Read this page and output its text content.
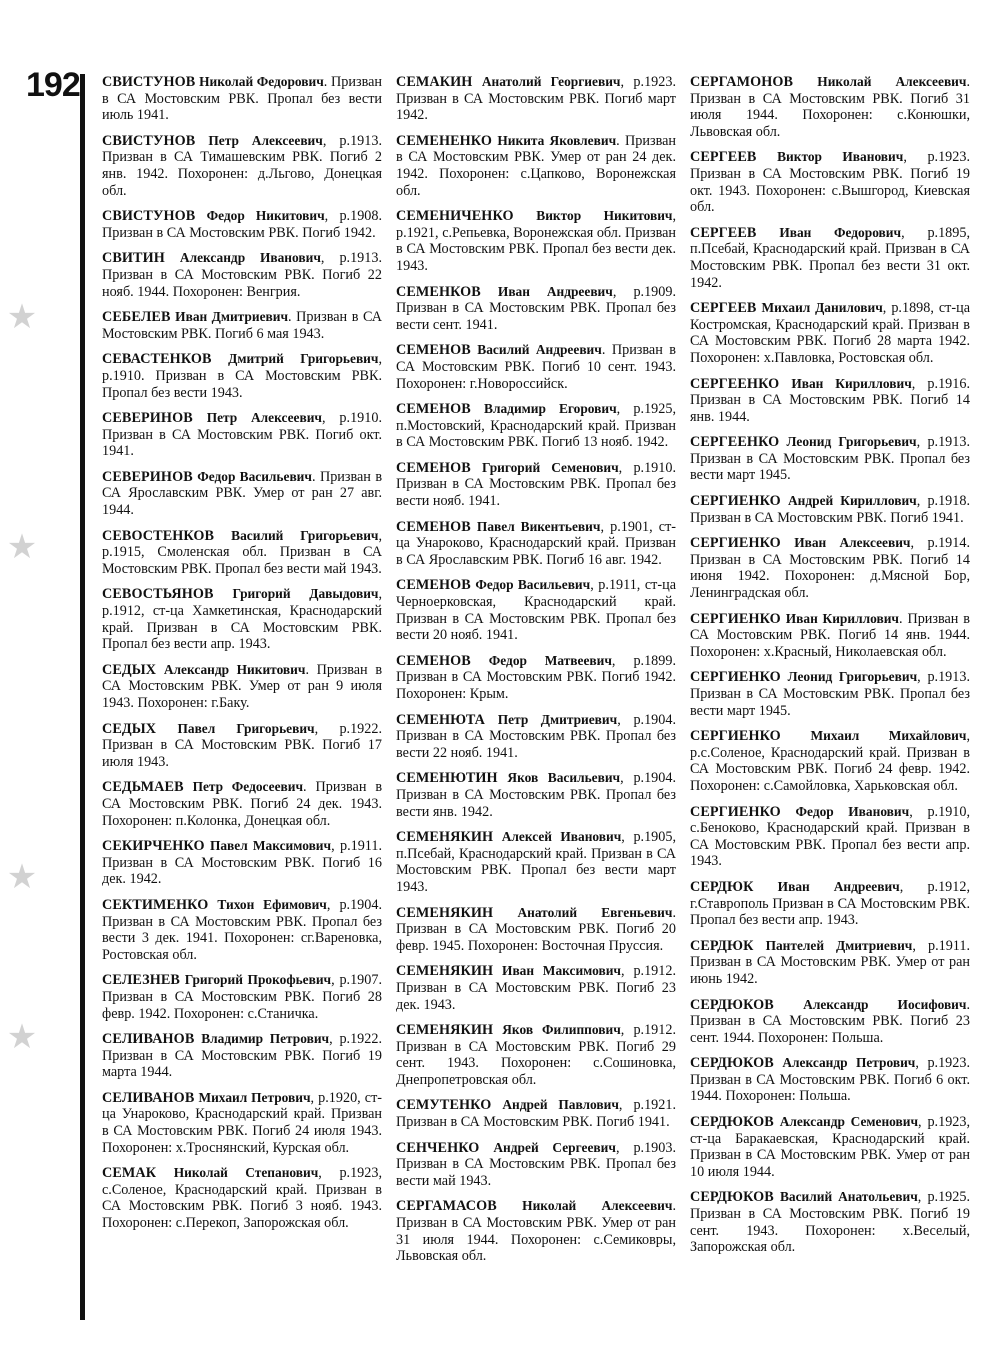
192
★
★
★
★

СВИСТУНОВ Николай Федорович. Призван в СА Мостовским РВК. Пропал без вести июль 1941.

СВИСТУНОВ Петр Алексеевич, р.1913. Призван в СА Тимашевским РВК. Погиб 2 янв. 1942. Похоронен: д.Льгово, Донецкая обл.

СВИСТУНОВ Федор Никитович, р.1908. Призван в СА Мостовским РВК. Погиб 1942.

СВИТИН Александр Иванович, р.1913. Призван в СА Мостовским РВК. Погиб 22 нояб. 1944. Похоронен: Венгрия.

СЕБЕЛЕВ Иван Дмитриевич. Призван в СА Мостовским РВК. Погиб 6 мая 1943.

СЕВАСТЕНКОВ Дмитрий Григорьевич, р.1910. Призван в СА Мостовским РВК. Пропал без вести 1943.

СЕВЕРИНОВ Петр Алексеевич, р.1910. Призван в СА Мостовским РВК. Погиб окт. 1941.

СЕВЕРИНОВ Федор Васильевич. Призван в СА Ярославским РВК. Умер от ран 27 авг. 1944.

СЕВОСТЕНКОВ Василий Григорьевич, р.1915, Смоленская обл. Призван в СА Мостовским РВК. Пропал без вести май 1943.

СЕВОСТЬЯНОВ Григорий Давыдович, р.1912, ст-ца Хамкетинская, Краснодарский край. Призван в СА Мостовским РВК. Пропал без вести апр. 1943.

СЕДЫХ Александр Никитович. Призван в СА Мостовским РВК. Умер от ран 9 июля 1943. Похоронен: г.Баку.

СЕДЫХ Павел Григорьевич, р.1922. Призван в СА Мостовским РВК. Погиб 17 июля 1943.

СЕДЬМАЕВ Петр Федосеевич. Призван в СА Мостовским РВК. Погиб 24 дек. 1943. Похоронен: п.Колонка, Донецкая обл.

СЕКИРЧЕНКО Павел Максимович, р.1911. Призван в СА Мостовским РВК. Погиб 16 дек. 1942.

СЕКТИМЕНКО Тихон Ефимович, р.1904. Призван в СА Мостовским РВК. Пропал без вести 3 дек. 1941. Похоронен: сг.Вареновка, Ростовская обл.

СЕЛЕЗНЕВ Григорий Прокофьевич, р.1907. Призван в СА Мостовским РВК. Погиб 28 февр. 1942. Похоронен: с.Станичка.

СЕЛИВАНОВ Владимир Петрович, р.1922. Призван в СА Мостовским РВК. Погиб 19 марта 1944.

СЕЛИВАНОВ Михаил Петрович, р.1920, ст-ца Унароково, Краснодарский край. Призван в СА Мостовским РВК. Погиб 24 июля 1943. Похоронен: х.Троснянский, Курская обл.

СЕМАК Николай Степанович, р.1923, с.Соленое, Краснодарский край. Призван в СА Мостовским РВК. Погиб 3 нояб. 1943. Похоронен: с.Перекоп, Запорожская обл.

СЕМАКИН Анатолий Георгиевич, р.1923. Призван в СА Мостовским РВК. Погиб март 1942.

СЕМЕНЕНКО Никита Яковлевич. Призван в СА Мостовским РВК. Умер от ран 24 дек. 1942. Похоронен: с.Цапково, Воронежская обл.

СЕМЕНИЧЕНКО Виктор Никитович, р.1921, с.Репьевка, Воронежская обл. Призван в СА Мостовским РВК. Пропал без вести дек. 1943.

СЕМЕНКОВ Иван Андреевич, р.1909. Призван в СА Мостовским РВК. Пропал без вести сент. 1941.

СЕМЕНОВ Василий Андреевич. Призван в СА Мостовским РВК. Погиб 10 сент. 1943. Похоронен: г.Новороссийск.

СЕМЕНОВ Владимир Егорович, р.1925, п.Мостовский, Краснодарский край. Призван в СА Мостовским РВК. Погиб 13 нояб. 1942.

СЕМЕНОВ Григорий Семенович, р.1910. Призван в СА Мостовским РВК. Пропал без вести нояб. 1941.

СЕМЕНОВ Павел Викентьевич, р.1901, ст-ца Унароково, Краснодарский край. Призван в СА Ярославским РВК. Погиб 16 авг. 1942.

СЕМЕНОВ Федор Васильевич, р.1911, ст-ца Черноерковская, Краснодарский край. Призван в СА Мостовским РВК. Пропал без вести 20 нояб. 1941.

СЕМЕНОВ Федор Матвеевич, р.1899. Призван в СА Мостовским РВК. Погиб 1942. Похоронен: Крым.

СЕМЕНЮТА Петр Дмитриевич, р.1904. Призван в СА Мостовским РВК. Пропал без вести 22 нояб. 1941.

СЕМЕНЮТИН Яков Васильевич, р.1904. Призван в СА Мостовским РВК. Пропал без вести янв. 1942.

СЕМЕНЯКИН Алексей Иванович, р.1905, п.Псебай, Краснодарский край. Призван в СА Мостовским РВК. Пропал без вести март 1943.

СЕМЕНЯКИН Анатолий Евгеньевич. Призван в СА Мостовским РВК. Погиб 20 февр. 1945. Похоронен: Восточная Пруссия.

СЕМЕНЯКИН Иван Максимович, р.1912. Призван в СА Мостовским РВК. Погиб 23 дек. 1943.

СЕМЕНЯКИН Яков Филиппович, р.1912. Призван в СА Мостовским РВК. Погиб 29 сент. 1943. Похоронен: с.Сошиновка, Днепропетровская обл.

СЕМУТЕНКО Андрей Павлович, р.1921. Призван в СА Мостовским РВК. Погиб 1941.

СЕНЧЕНКО Андрей Сергеевич, р.1903. Призван в СА Мостовским РВК. Пропал без вести май 1943.

СЕРГАМАСОВ Николай Алексеевич. Призван в СА Мостовским РВК. Умер от ран 31 июля 1944. Похоронен: с.Семиковры, Львовская обл.

СЕРГАМОНОВ Николай Алексеевич. Призван в СА Мостовским РВК. Погиб 31 июля 1944. Похоронен: с.Конюшки, Львовская обл.

СЕРГЕЕВ Виктор Иванович, р.1923. Призван в СА Мостовским РВК. Погиб 19 окт. 1943. Похоронен: с.Вышгород, Киевская обл.

СЕРГЕЕВ Иван Федорович, р.1895, п.Псебай, Краснодарский край. Призван в СА Мостовским РВК. Пропал без вести 31 окт. 1942.

СЕРГЕЕВ Михаил Данилович, р.1898, ст-ца Костромская, Краснодарский край. Призван в СА Мостовским РВК. Погиб 28 марта 1942. Похоронен: х.Павловка, Ростовская обл.

СЕРГЕЕНКО Иван Кириллович, р.1916. Призван в СА Мостовским РВК. Погиб 14 янв. 1944.

СЕРГЕЕНКО Леонид Григорьевич, р.1913. Призван в СА Мостовским РВК. Пропал без вести март 1945.

СЕРГИЕНКО Андрей Кириллович, р.1918. Призван в СА Мостовским РВК. Погиб 1941.

СЕРГИЕНКО Иван Алексеевич, р.1914. Призван в СА Мостовским РВК. Погиб 14 июня 1942. Похоронен: д.Мясной Бор, Ленинградская обл.

СЕРГИЕНКО Иван Кириллович. Призван в СА Мостовским РВК. Погиб 14 янв. 1944. Похоронен: х.Красный, Николаевская обл.

СЕРГИЕНКО Леонид Григорьевич, р.1913. Призван в СА Мостовским РВК. Пропал без вести март 1945.

СЕРГИЕНКО Михаил Михайлович, р.с.Соленое, Краснодарский край. Призван в СА Мостовским РВК. Погиб 24 февр. 1942. Похоронен: с.Самойловка, Харьковская обл.

СЕРГИЕНКО Федор Иванович, р.1910, с.Беноково, Краснодарский край. Призван в СА Мостовским РВК. Пропал без вести апр. 1943.

СЕРДЮК Иван Андреевич, р.1912, г.Ставрополь Призван в СА Мостовским РВК. Пропал без вести апр. 1943.

СЕРДЮК Пантелей Дмитриевич, р.1911. Призван в СА Мостовским РВК. Умер от ран июнь 1942.

СЕРДЮКОВ Александр Иосифович. Призван в СА Мостовским РВК. Погиб 23 сент. 1944. Похоронен: Польша.

СЕРДЮКОВ Александр Петрович, р.1923. Призван в СА Мостовским РВК. Погиб 6 окт. 1944. Похоронен: Польша.

СЕРДЮКОВ Александр Семенович, р.1923, ст-ца Баракаевская, Краснодарский край. Призван в СА Мостовским РВК. Умер от ран 10 июля 1944.

СЕРДЮКОВ Василий Анатольевич, р.1925. Призван в СА Мостовским РВК. Погиб 19 сент. 1943. Похоронен: х.Веселый, Запорожская обл.
